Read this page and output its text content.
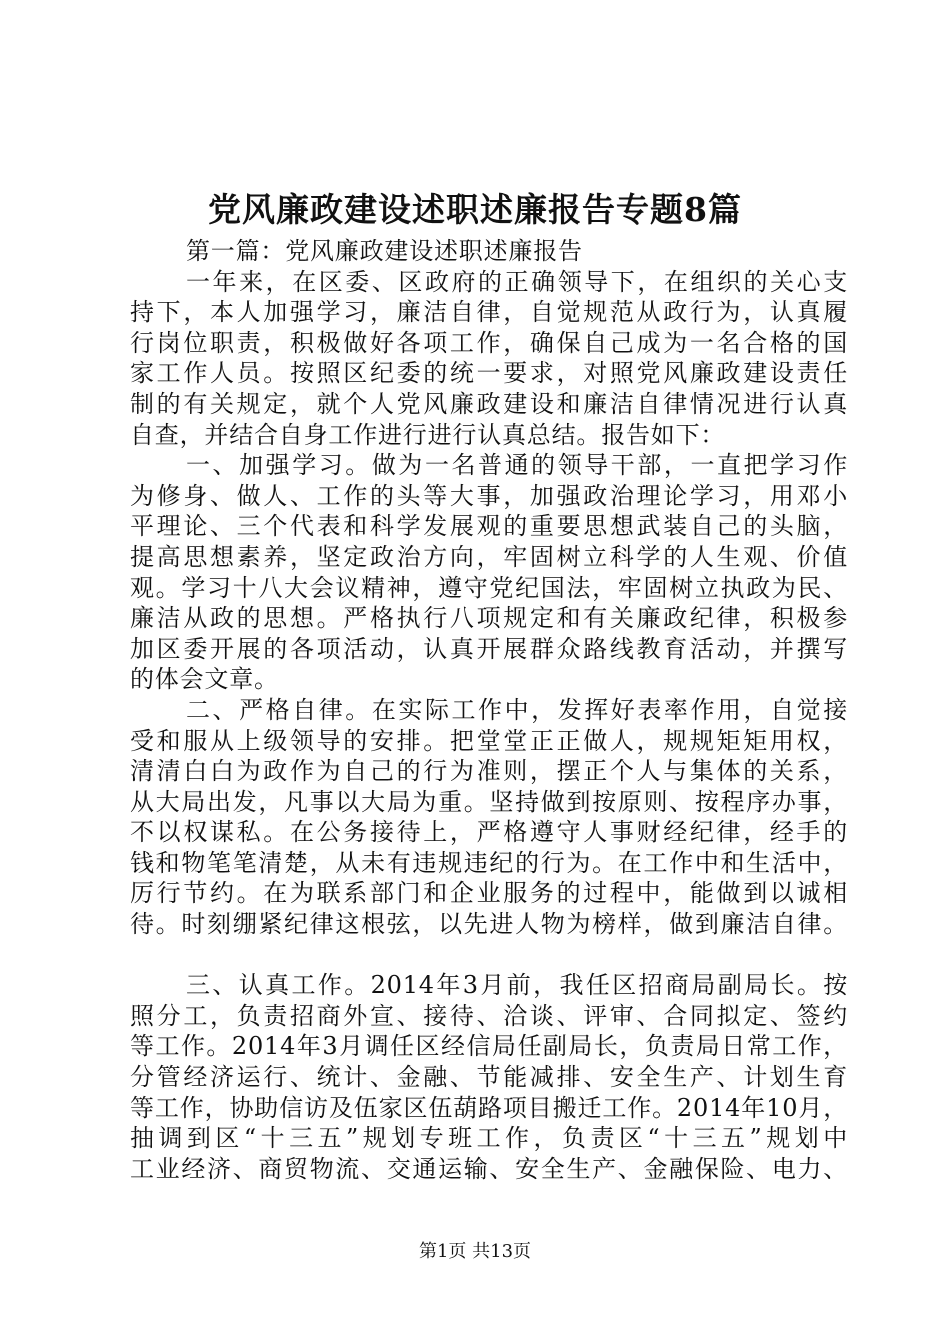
党风廉政建设述职述廉报告专题8篇
第一篇：党风廉政建设述职述廉报告
一年来，在区委、区政府的正确领导下，在组织的关心支
持下，本人加强学习，廉洁自律，自觉规范从政行为，认真履
行岗位职责，积极做好各项工作，确保自己成为一名合格的国
家工作人员。按照区纪委的统一要求，对照党风廉政建设责任
制的有关规定，就个人党风廉政建设和廉洁自律情况进行认真
自查，并结合自身工作进行进行认真总结。报告如下：
一、加强学习。做为一名普通的领导干部，一直把学习作
为修身、做人、工作的头等大事，加强政治理论学习，用邓小
平理论、三个代表和科学发展观的重要思想武装自己的头脑，
提高思想素养，坚定政治方向，牢固树立科学的人生观、价值
观。学习十八大会议精神，遵守党纪国法，牢固树立执政为民、
廉洁从政的思想。严格执行八项规定和有关廉政纪律，积极参
加区委开展的各项活动，认真开展群众路线教育活动，并撰写
的体会文章。
二、严格自律。在实际工作中，发挥好表率作用，自觉接
受和服从上级领导的安排。把堂堂正正做人，规规矩矩用权，
清清白白为政作为自己的行为准则，摆正个人与集体的关系，
从大局出发，凡事以大局为重。坚持做到按原则、按程序办事，
不以权谋私。在公务接待上，严格遵守人事财经纪律，经手的
钱和物笔笔清楚，从未有违规违纪的行为。在工作中和生活中，
厉行节约。在为联系部门和企业服务的过程中，能做到以诚相
待。时刻绷紧纪律这根弦，以先进人物为榜样，做到廉洁自律。
三、认真工作。2014年3月前，我任区招商局副局长。按
照分工，负责招商外宣、接待、洽谈、评审、合同拟定、签约
等工作。2014年3月调任区经信局任副局长，负责局日常工作，
分管经济运行、统计、金融、节能减排、安全生产、计划生育
等工作，协助信访及伍家区伍葫路项目搬迁工作。2014年10月，
抽调到区“十三五”规划专班工作，负责区“十三五”规划中
工业经济、商贸物流、交通运输、安全生产、金融保险、电力、
第1页 共13页
